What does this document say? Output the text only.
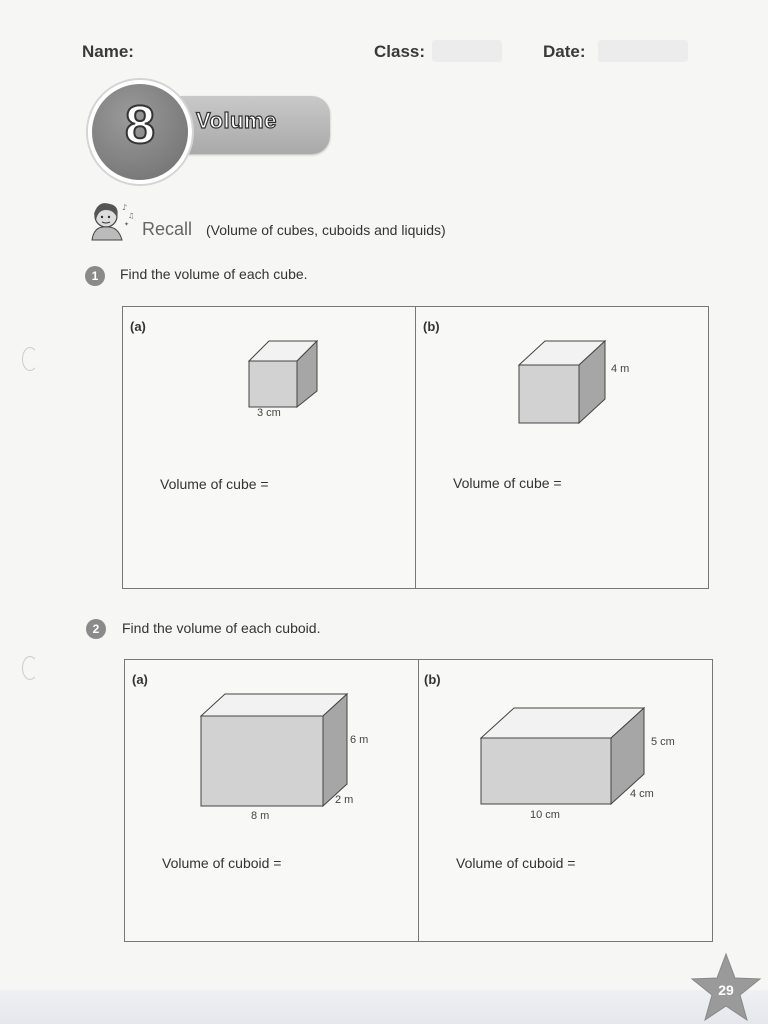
Name:	Class:	Date:
Volume
8
♪
♫
✦ Recall (Volume of cubes, cuboids and liquids)
1	Find the volume of each cube.
(a)	(b)
3 cm
Volume of cube =
4 m
Volume of cube =
2	Find the volume of each cuboid.
(a)	(b)
6 m
2 m
8 m
Volume of cuboid =
5 cm
4 cm
10 cm
Volume of cuboid =
29
